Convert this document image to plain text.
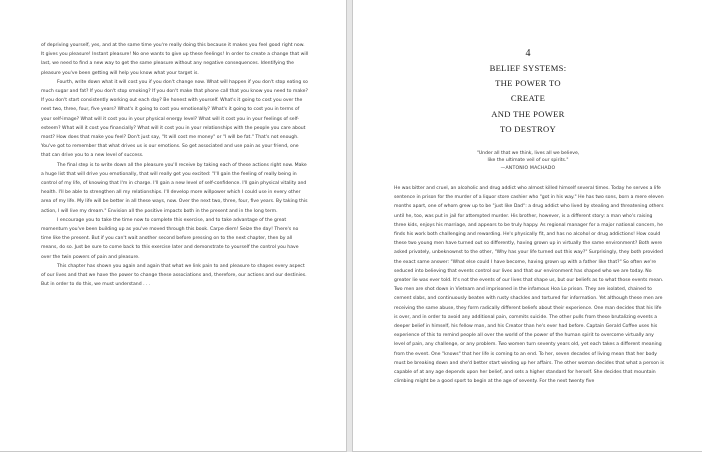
of depriving yourself, yes, and at the same time you're really doing this because it makes you feel good right now. It gives you pleasure! Instant pleasure! No one wants to give up these feelings! In order to create a change that will last, we need to find a new way to get the same pleasure without any negative consequences. Identifying the pleasure you've been getting will help you know what your target is.

Fourth, write down what it will cost you if you don't change now. What will happen if you don't stop eating so much sugar and fat? If you don't stop smoking? If you don't make that phone call that you know you need to make? If you don't start consistently working out each day? Be honest with yourself. What's it going to cost you over the next two, three, four, five years? What's it going to cost you emotionally? What's it going to cost you in terms of your self-image? What will it cost you in your physical energy level? What will it cost you in your feelings of self-esteem? What will it cost you financially? What will it cost you in your relationships with the people you care about most? How does that make you feel? Don't just say, "It will cost me money" or "I will be fat." That's not enough. You've got to remember that what drives us is our emotions. So get associated and use pain as your friend, one that can drive you to a new level of success.

The final step is to write down all the pleasure you'll receive by taking each of these actions right now. Make a huge list that will drive you emotionally, that will really get you excited: "I'll gain the feeling of really being in control of my life, of knowing that I'm in charge. I'll gain a new level of self-confidence. I'll gain physical vitality and health. I'll be able to strengthen all my relationships. I'll develop more willpower which I could use in every other area of my life. My life will be better in all these ways, now. Over the next two, three, four, five years. By taking this action, I will live my dream." Envision all the positive impacts both in the present and in the long term.

I encourage you to take the time now to complete this exercise, and to take advantage of the great momentum you've been building up as you've moved through this book. Carpe diem! Seize the day! There's no time like the present. But if you can't wait another second before pressing on to the next chapter, then by all means, do so. Just be sure to come back to this exercise later and demonstrate to yourself the control you have over the twin powers of pain and pleasure.

This chapter has shown you again and again that what we link pain to and pleasure to shapes every aspect of our lives and that we have the power to change these associations and, therefore, our actions and our destinies. But in order to do this, we must understand . . .

4
BELIEF SYSTEMS:
THE POWER TO
CREATE
AND THE POWER
TO DESTROY
"Under all that we think, lives all we believe,
like the ultimate veil of our spirits."
—ANTONIO MACHADO

He was bitter and cruel, an alcoholic and drug addict who almost killed himself several times. Today he serves a life sentence in prison for the murder of a liquor store cashier who "got in his way." He has two sons, born a mere eleven months apart, one of whom grew up to be "just like Dad": a drug addict who lived by stealing and threatening others until he, too, was put in jail for attempted murder. His brother, however, is a different story: a man who's raising three kids, enjoys his marriage, and appears to be truly happy. As regional manager for a major national concern, he finds his work both challenging and rewarding. He's physically fit, and has no alcohol or drug addictions! How could these two young men have turned out so differently, having grown up in virtually the same environment? Both were asked privately, unbeknownst to the other, "Why has your life turned out this way?" Surprisingly, they both provided the exact same answer: "What else could I have become, having grown up with a father like that?" So often we're seduced into believing that events control our lives and that our environment has shaped who we are today. No greater lie was ever told. It's not the events of our lives that shape us, but our beliefs as to what those events mean. Two men are shot down in Vietnam and imprisoned in the infamous Hoa Lo prison. They are isolated, chained to cement slabs, and continuously beaten with rusty shackles and tortured for information. Yet although these men are receiving the same abuse, they form radically different beliefs about their experience. One man decides that his life is over, and in order to avoid any additional pain, commits suicide. The other pulls from these brutalizing events a deeper belief in himself, his fellow man, and his Creator than he's ever had before. Captain Gerald Coffee uses his experience of this to remind people all over the world of the power of the human spirit to overcome virtually any level of pain, any challenge, or any problem. Two women turn seventy years old, yet each takes a different meaning from the event. One "knows" that her life is coming to an end. To her, seven decades of living mean that her body must be breaking down and she'd better start winding up her affairs. The other woman decides that what a person is capable of at any age depends upon her belief, and sets a higher standard for herself. She decides that mountain climbing might be a good sport to begin at the age of seventy. For the next twenty five
